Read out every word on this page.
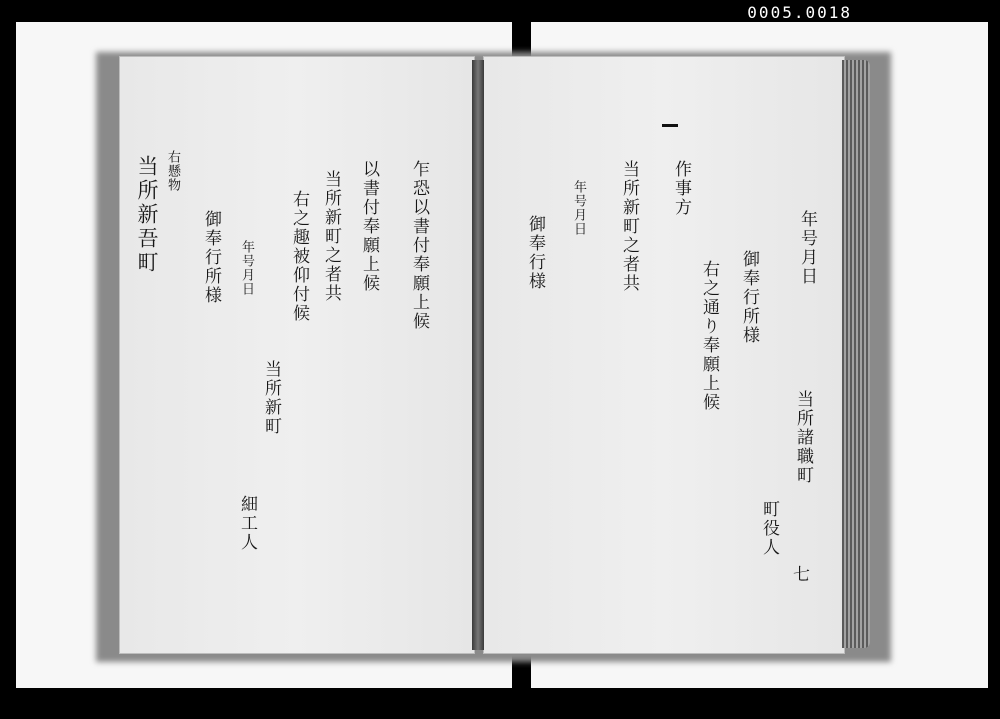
0005.0018
当所新吾町 右懸物
御奉行所様 年号月日
当所新町
細工人
右之趣被仰付候 当所新町之者共 以書付奉願上候 乍恐以書付奉願上候	年号月日
当所諸職町
御奉行所様
右之通り奉願上候
当所新町之者共 作事方
年号月日
御奉行様
町役人
七
